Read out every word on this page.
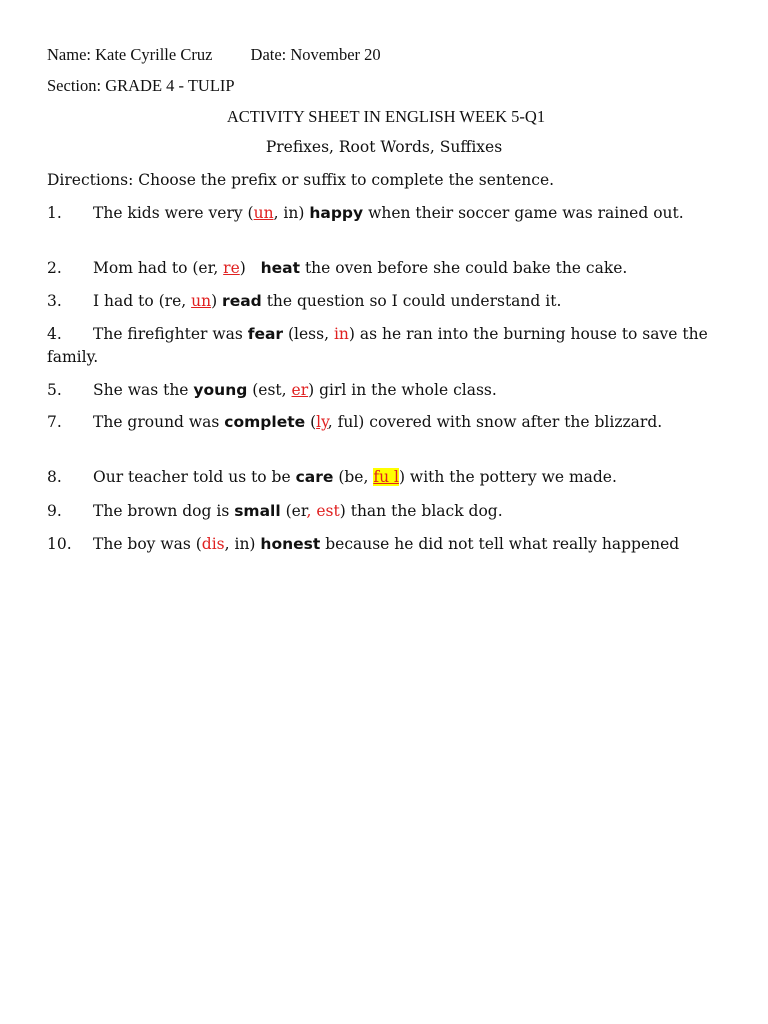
Name: Kate Cyrille Cruz Date: November 20
Section: GRADE 4 - TULIP
ACTIVITY SHEET IN ENGLISH WEEK 5-Q1
Prefixes, Root Words, Suffixes
Directions: Choose the prefix or suffix to complete the sentence.
1. The kids were very (un, in) happy when their soccer game was rained out.
2. Mom had to (er, re)   heat the oven before she could bake the cake.
3. I had to (re, un) read the question so I could understand it.
4. The firefighter was fear (less, in) as he ran into the burning house to save the family.
5. She was the young (est, er) girl in the whole class.
7. The ground was complete (ly, ful) covered with snow after the blizzard.
8. Our teacher told us to be care (be, fu l) with the pottery we made.
9. The brown dog is small (er, est) than the black dog.
10. The boy was (dis, in) honest because he did not tell what really happened
